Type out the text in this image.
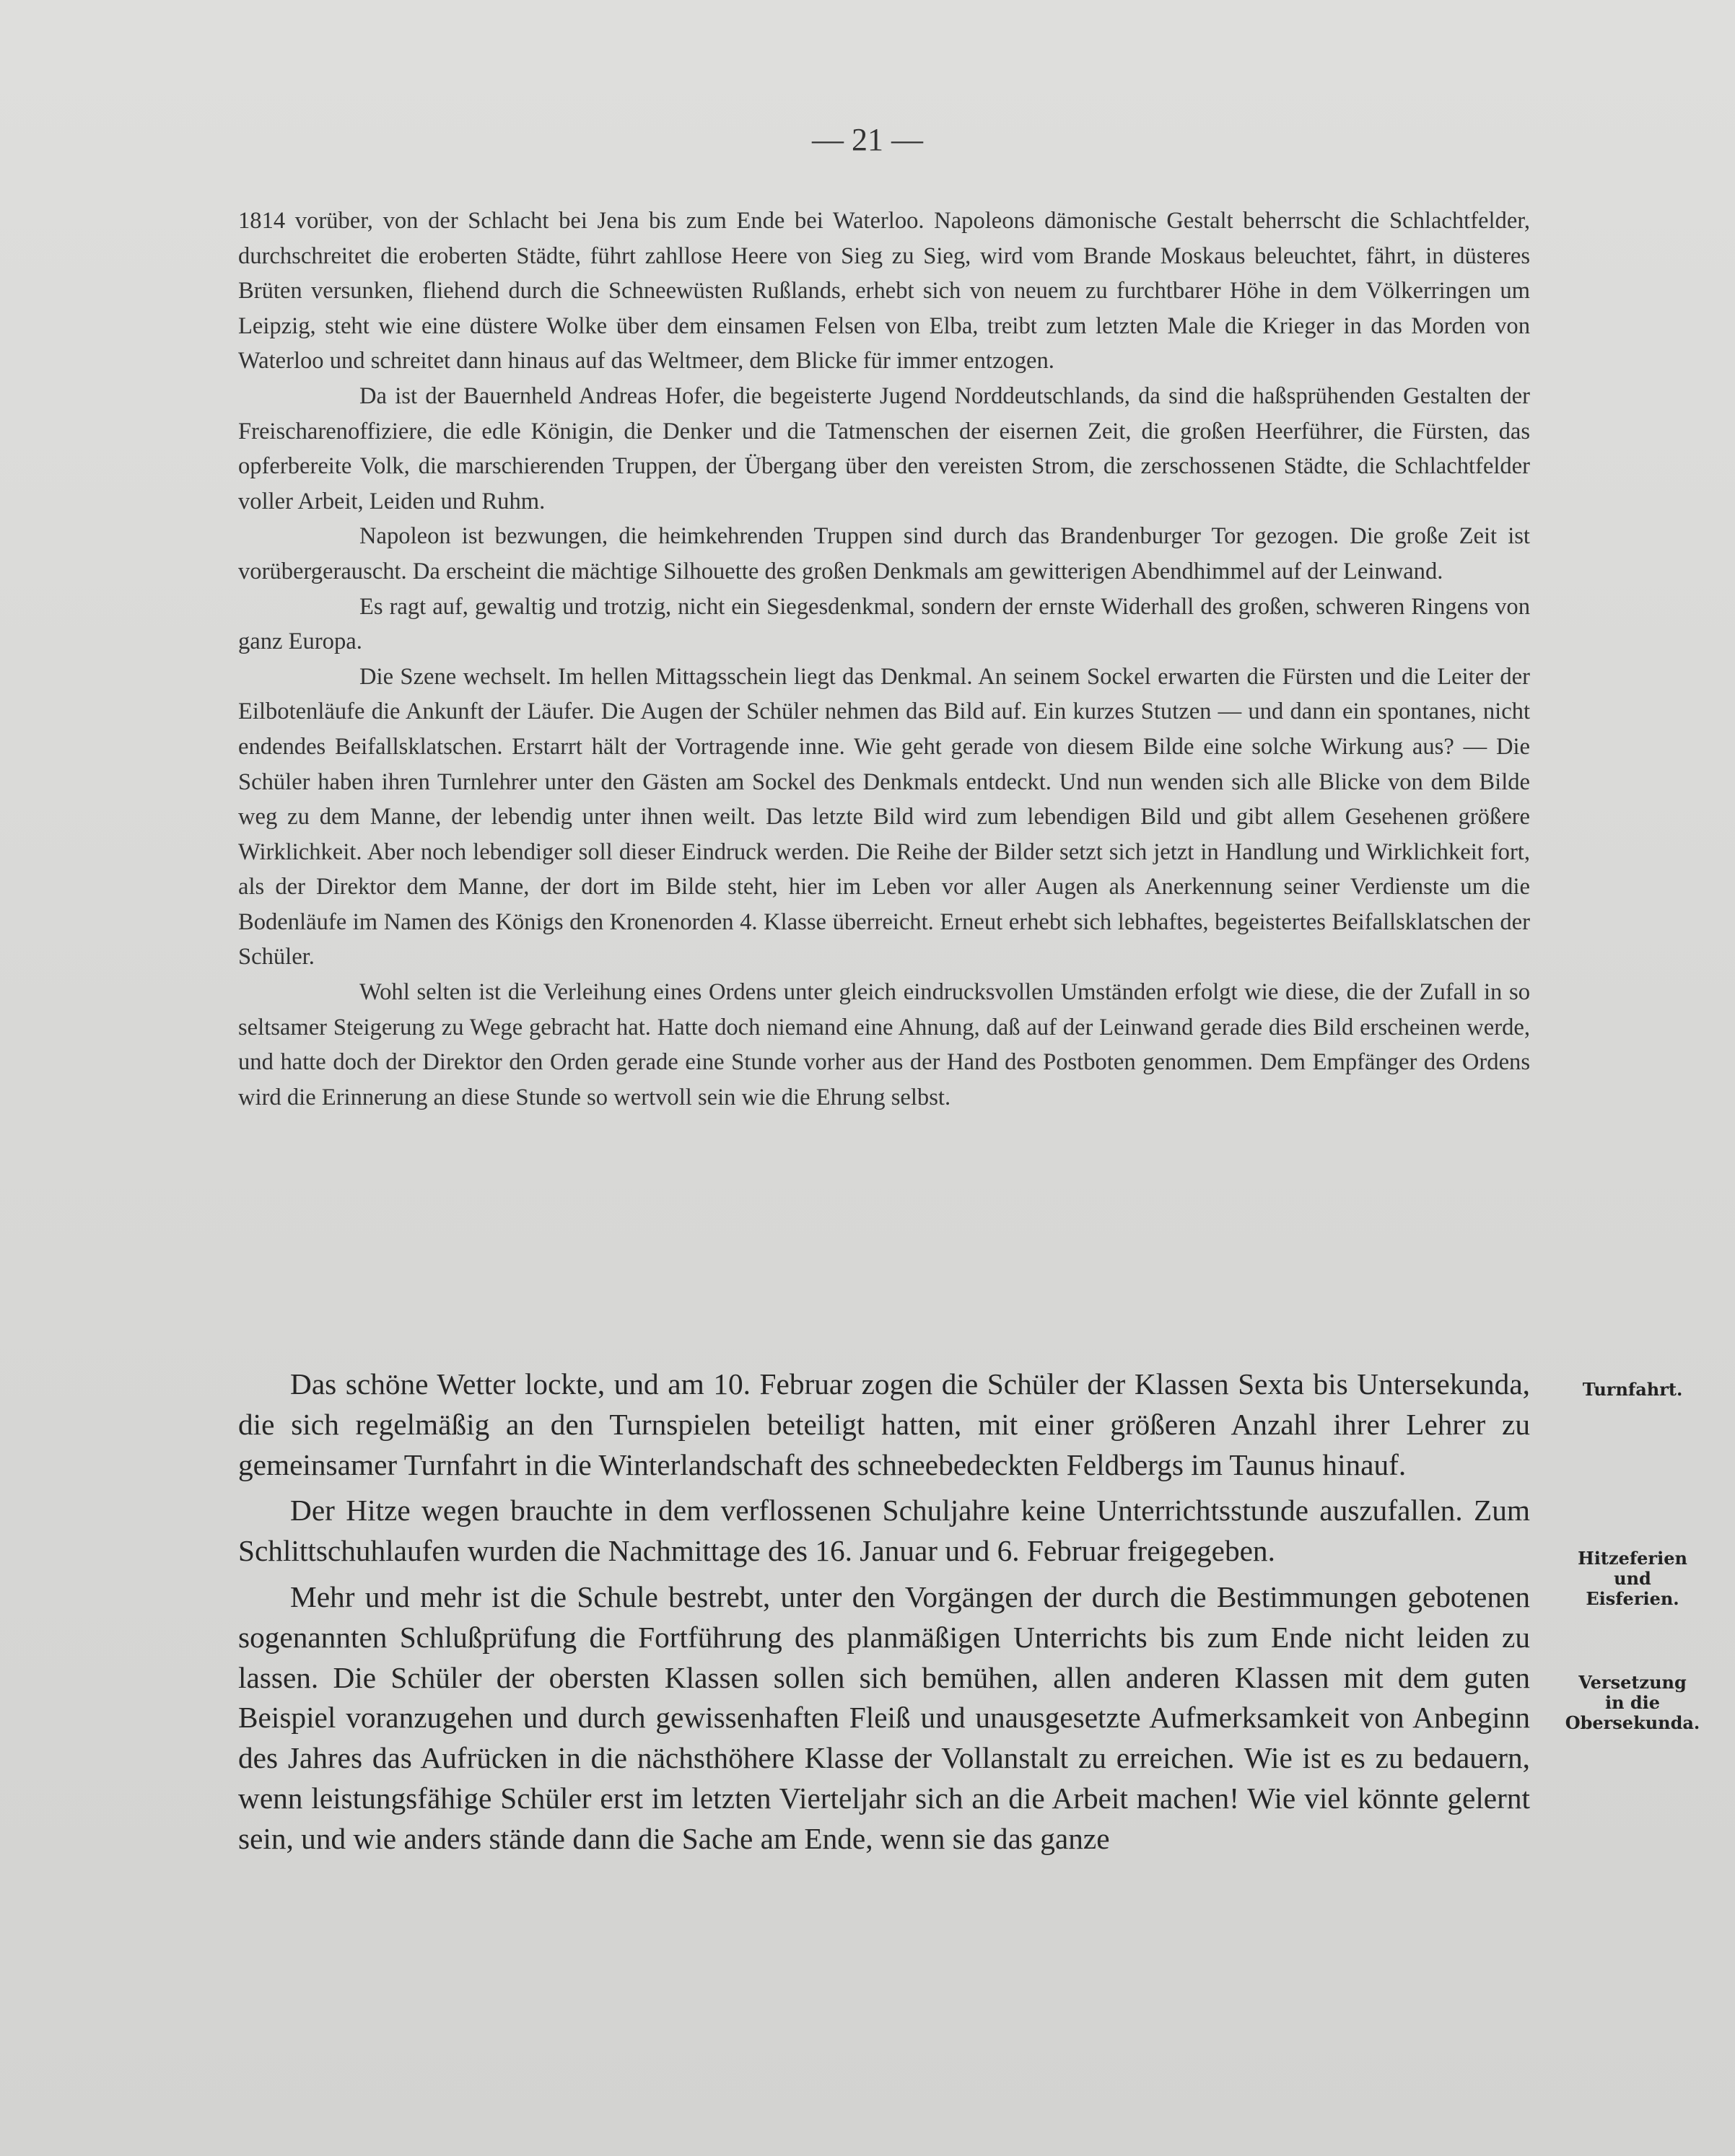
— 21 —

1814 vorüber, von der Schlacht bei Jena bis zum Ende bei Waterloo. Napoleons dämonische Gestalt beherrscht die Schlachtfelder, durchschreitet die eroberten Städte, führt zahllose Heere von Sieg zu Sieg, wird vom Brande Moskaus beleuchtet, fährt, in düsteres Brüten versunken, fliehend durch die Schneewüsten Rußlands, erhebt sich von neuem zu furchtbarer Höhe in dem Völkerringen um Leipzig, steht wie eine düstere Wolke über dem einsamen Felsen von Elba, treibt zum letzten Male die Krieger in das Morden von Waterloo und schreitet dann hinaus auf das Weltmeer, dem Blicke für immer entzogen.

Da ist der Bauernheld Andreas Hofer, die begeisterte Jugend Norddeutschlands, da sind die haßsprühenden Gestalten der Freischarenoffiziere, die edle Königin, die Denker und die Tatmenschen der eisernen Zeit, die großen Heerführer, die Fürsten, das opferbereite Volk, die marschierenden Truppen, der Übergang über den vereisten Strom, die zerschossenen Städte, die Schlachtfelder voller Arbeit, Leiden und Ruhm.

Napoleon ist bezwungen, die heimkehrenden Truppen sind durch das Brandenburger Tor gezogen. Die große Zeit ist vorübergerauscht. Da erscheint die mächtige Silhouette des großen Denkmals am gewitterigen Abendhimmel auf der Leinwand.

Es ragt auf, gewaltig und trotzig, nicht ein Siegesdenkmal, sondern der ernste Widerhall des großen, schweren Ringens von ganz Europa.

Die Szene wechselt. Im hellen Mittagsschein liegt das Denkmal. An seinem Sockel erwarten die Fürsten und die Leiter der Eilbotenläufe die Ankunft der Läufer. Die Augen der Schüler nehmen das Bild auf. Ein kurzes Stutzen — und dann ein spontanes, nicht endendes Beifallsklatschen. Erstarrt hält der Vortragende inne. Wie geht gerade von diesem Bilde eine solche Wirkung aus? — Die Schüler haben ihren Turnlehrer unter den Gästen am Sockel des Denkmals entdeckt. Und nun wenden sich alle Blicke von dem Bilde weg zu dem Manne, der lebendig unter ihnen weilt. Das letzte Bild wird zum lebendigen Bild und gibt allem Gesehenen größere Wirklichkeit. Aber noch lebendiger soll dieser Eindruck werden. Die Reihe der Bilder setzt sich jetzt in Handlung und Wirklichkeit fort, als der Direktor dem Manne, der dort im Bilde steht, hier im Leben vor aller Augen als Anerkennung seiner Verdienste um die Bodenläufe im Namen des Königs den Kronenorden 4. Klasse überreicht. Erneut erhebt sich lebhaftes, begeistertes Beifallsklatschen der Schüler.

Wohl selten ist die Verleihung eines Ordens unter gleich eindrucksvollen Umständen erfolgt wie diese, die der Zufall in so seltsamer Steigerung zu Wege gebracht hat. Hatte doch niemand eine Ahnung, daß auf der Leinwand gerade dies Bild erscheinen werde, und hatte doch der Direktor den Orden gerade eine Stunde vorher aus der Hand des Postboten genommen. Dem Empfänger des Ordens wird die Erinnerung an diese Stunde so wertvoll sein wie die Ehrung selbst.

Das schöne Wetter lockte, und am 10. Februar zogen die Schüler der Klassen Sexta bis Untersekunda, die sich regelmäßig an den Turnspielen beteiligt hatten, mit einer größeren Anzahl ihrer Lehrer zu gemeinsamer Turnfahrt in die Winterlandschaft des schneebedeckten Feldbergs im Taunus hinauf.

Der Hitze wegen brauchte in dem verflossenen Schuljahre keine Unterrichtsstunde auszufallen. Zum Schlittschuhlaufen wurden die Nachmittage des 16. Januar und 6. Februar freigegeben.

Mehr und mehr ist die Schule bestrebt, unter den Vorgängen der durch die Bestimmungen gebotenen sogenannten Schlußprüfung die Fortführung des planmäßigen Unterrichts bis zum Ende nicht leiden zu lassen. Die Schüler der obersten Klassen sollen sich bemühen, allen anderen Klassen mit dem guten Beispiel voranzugehen und durch gewissenhaften Fleiß und unausgesetzte Aufmerksamkeit von Anbeginn des Jahres das Aufrücken in die nächsthöhere Klasse der Vollanstalt zu erreichen. Wie ist es zu bedauern, wenn leistungsfähige Schüler erst im letzten Vierteljahr sich an die Arbeit machen! Wie viel könnte gelernt sein, und wie anders stände dann die Sache am Ende, wenn sie das ganze

Turnfahrt.
Hitzeferien
und
Eisferien.
Versetzung
in die
Obersekunda.
